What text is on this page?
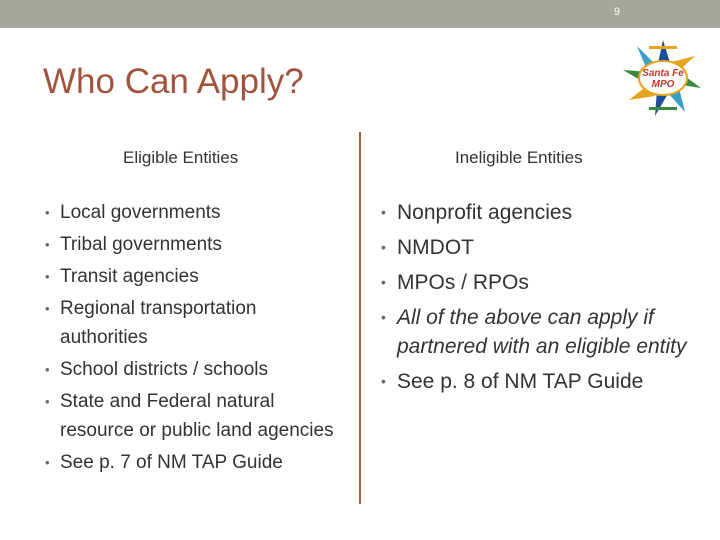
9
Who Can Apply?	Santa Fe
MPO
Eligible Entities	Ineligible Entities
• Local governments
• Tribal governments
• Transit agencies
• Regional transportation authorities
• School districts / schools
• State and Federal natural resource or public land agencies
• See p. 7 of NM TAP Guide
• Nonprofit agencies
• NMDOT
• MPOs / RPOs
• All of the above can apply if partnered with an eligible entity
• See p. 8 of NM TAP Guide
